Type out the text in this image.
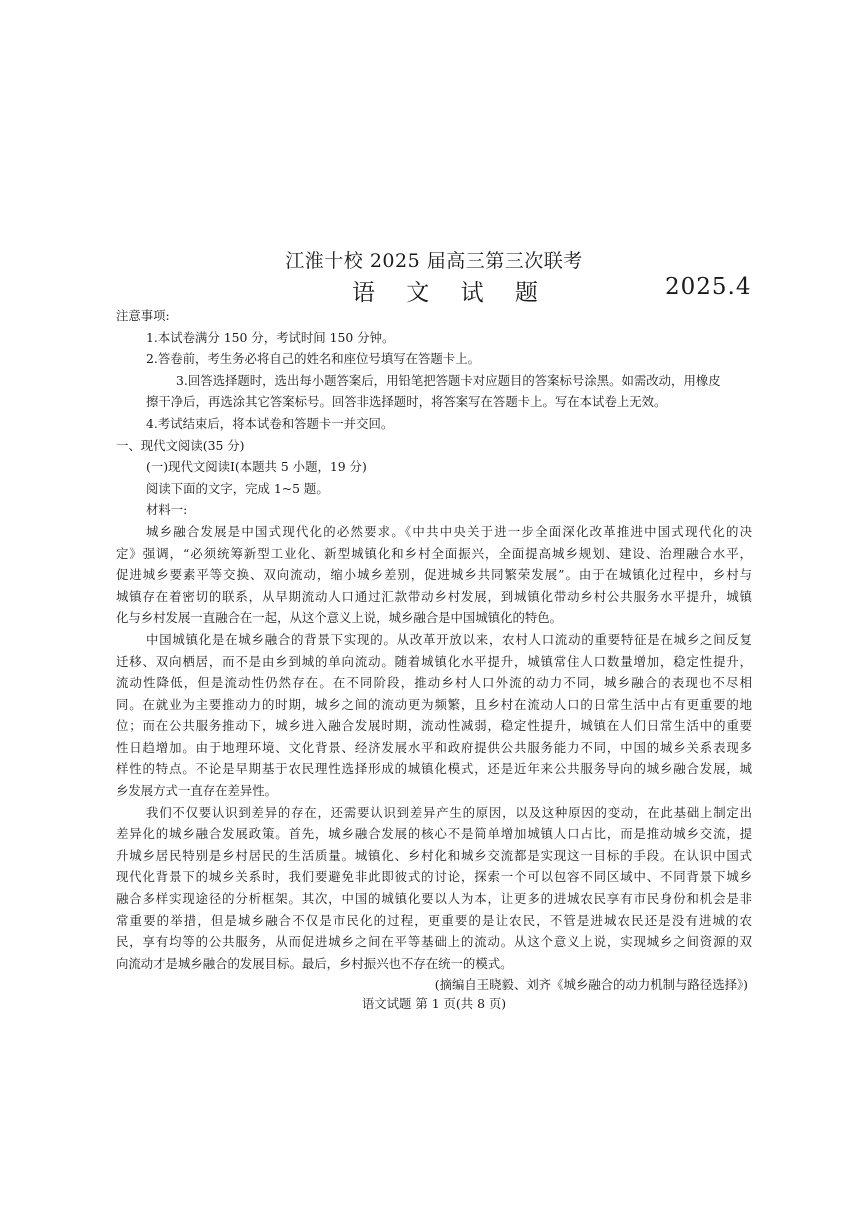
江淮十校 2025 届高三第三次联考
语 文 试 题	2025.4
注意事项:
1.本试卷满分 150 分，考试时间 150 分钟。
2.答卷前，考生务必将自己的姓名和座位号填写在答题卡上。
3.回答选择题时，选出每小题答案后，用铅笔把答题卡对应题目的答案标号涂黑。如需改动，用橡皮
擦干净后，再选涂其它答案标号。回答非选择题时，将答案写在答题卡上。写在本试卷上无效。
4.考试结束后，将本试卷和答题卡一并交回。
一、现代文阅读(35 分)
(一)现代文阅读Ⅰ(本题共 5 小题，19 分)
阅读下面的文字，完成 1~5 题。
材料一:
城乡融合发展是中国式现代化的必然要求。《中共中央关于进一步全面深化改革推进中国式现代化的决
定》强调，“必须统筹新型工业化、新型城镇化和乡村全面振兴，全面提高城乡规划、建设、治理融合水平，
促进城乡要素平等交换、双向流动，缩小城乡差别，促进城乡共同繁荣发展”。由于在城镇化过程中，乡村与
城镇存在着密切的联系，从早期流动人口通过汇款带动乡村发展，到城镇化带动乡村公共服务水平提升，城镇
化与乡村发展一直融合在一起，从这个意义上说，城乡融合是中国城镇化的特色。
中国城镇化是在城乡融合的背景下实现的。从改革开放以来，农村人口流动的重要特征是在城乡之间反复
迁移、双向栖居，而不是由乡到城的单向流动。随着城镇化水平提升，城镇常住人口数量增加，稳定性提升，
流动性降低，但是流动性仍然存在。在不同阶段，推动乡村人口外流的动力不同，城乡融合的表现也不尽相
同。在就业为主要推动力的时期，城乡之间的流动更为频繁，且乡村在流动人口的日常生活中占有更重要的地
位；而在公共服务推动下，城乡进入融合发展时期，流动性减弱，稳定性提升，城镇在人们日常生活中的重要
性日趋增加。由于地理环境、文化背景、经济发展水平和政府提供公共服务能力不同，中国的城乡关系表现多
样性的特点。不论是早期基于农民理性选择形成的城镇化模式，还是近年来公共服务导向的城乡融合发展，城
乡发展方式一直存在差异性。
我们不仅要认识到差异的存在，还需要认识到差异产生的原因，以及这种原因的变动，在此基础上制定出
差异化的城乡融合发展政策。首先，城乡融合发展的核心不是简单增加城镇人口占比，而是推动城乡交流，提
升城乡居民特别是乡村居民的生活质量。城镇化、乡村化和城乡交流都是实现这一目标的手段。在认识中国式
现代化背景下的城乡关系时，我们要避免非此即彼式的讨论，探索一个可以包容不同区域中、不同背景下城乡
融合多样实现途径的分析框架。其次，中国的城镇化要以人为本，让更多的进城农民享有市民身份和机会是非
常重要的举措，但是城乡融合不仅是市民化的过程，更重要的是让农民，不管是进城农民还是没有进城的农
民，享有均等的公共服务，从而促进城乡之间在平等基础上的流动。从这个意义上说，实现城乡之间资源的双
向流动才是城乡融合的发展目标。最后，乡村振兴也不存在统一的模式。
(摘编自王晓毅、刘齐《城乡融合的动力机制与路径选择》)
语文试题 第 1 页(共 8 页)
